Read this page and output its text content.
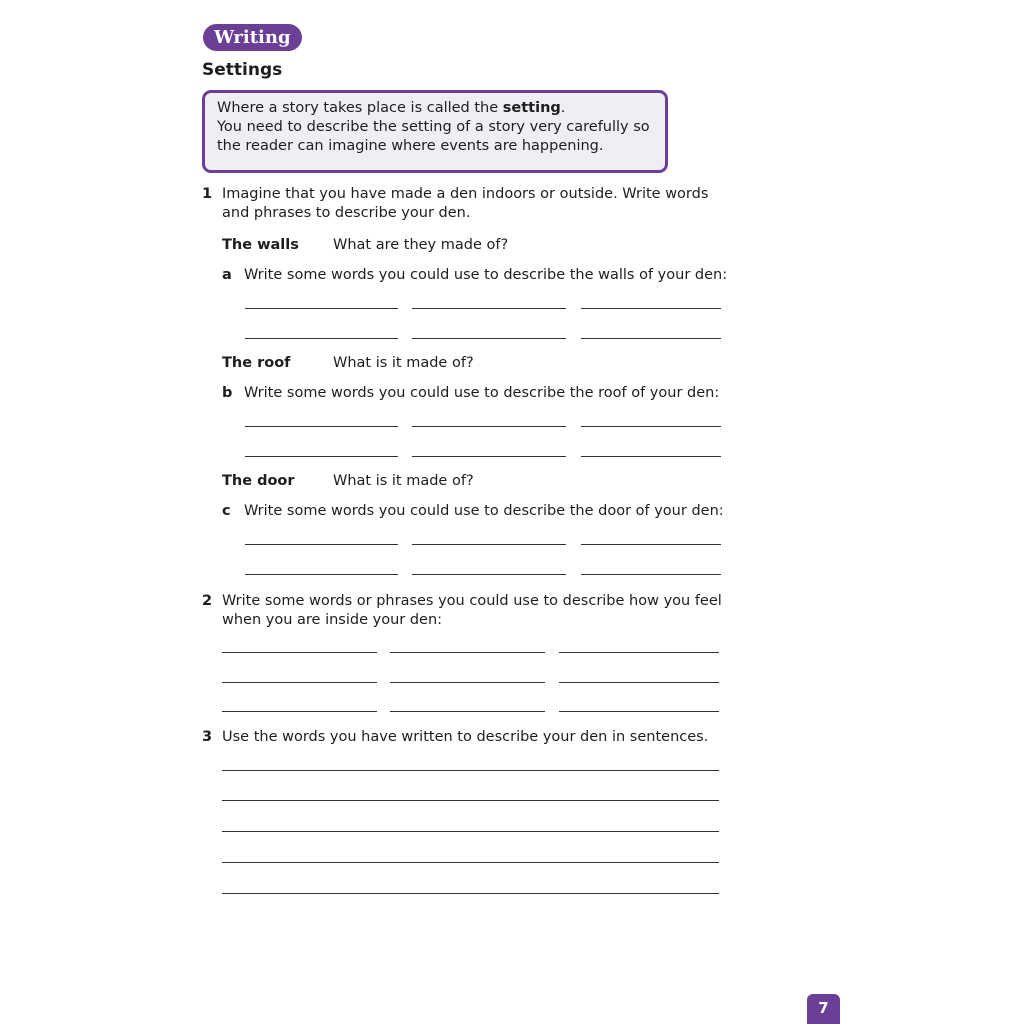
Writing
Settings
Where a story takes place is called the setting.
You need to describe the setting of a story very carefully so
the reader can imagine where events are happening.
1 Imagine that you have made a den indoors or outside. Write words
and phrases to describe your den.
The walls What are they made of?
a Write some words you could use to describe the walls of your den:
The roof	What is it made of?
b Write some words you could use to describe the roof of your den:
The door	What is it made of?
c Write some words you could use to describe the door of your den:
2 Write some words or phrases you could use to describe how you feel
when you are inside your den:
3 Use the words you have written to describe your den in sentences.
7
